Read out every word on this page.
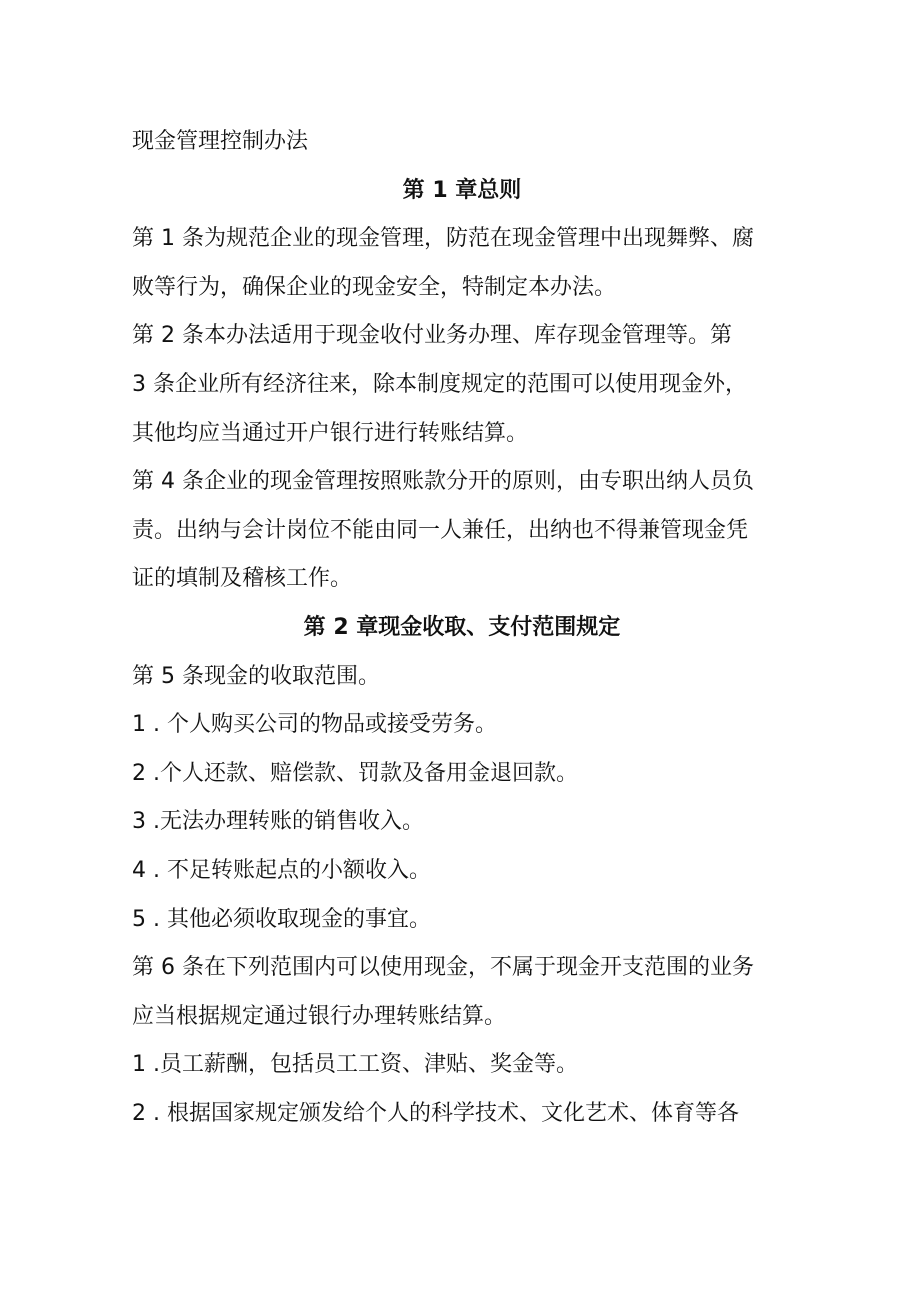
现金管理控制办法
第 1 章总则
第 1 条为规范企业的现金管理，防范在现金管理中出现舞弊、腐
败等行为，确保企业的现金安全，特制定本办法。
第 2 条本办法适用于现金收付业务办理、库存现金管理等。第
3 条企业所有经济往来，除本制度规定的范围可以使用现金外，
其他均应当通过开户银行进行转账结算。
第 4 条企业的现金管理按照账款分开的原则，由专职出纳人员负
责。出纳与会计岗位不能由同一人兼任，出纳也不得兼管现金凭
证的填制及稽核工作。
第 2 章现金收取、支付范围规定
第 5 条现金的收取范围。
1 . 个人购买公司的物品或接受劳务。
2 .个人还款、赔偿款、罚款及备用金退回款。
3 .无法办理转账的销售收入。
4 . 不足转账起点的小额收入。
5 . 其他必须收取现金的事宜。
第 6 条在下列范围内可以使用现金，不属于现金开支范围的业务
应当根据规定通过银行办理转账结算。
1 .员工薪酬，包括员工工资、津贴、奖金等。
2 . 根据国家规定颁发给个人的科学技术、文化艺术、体育等各
